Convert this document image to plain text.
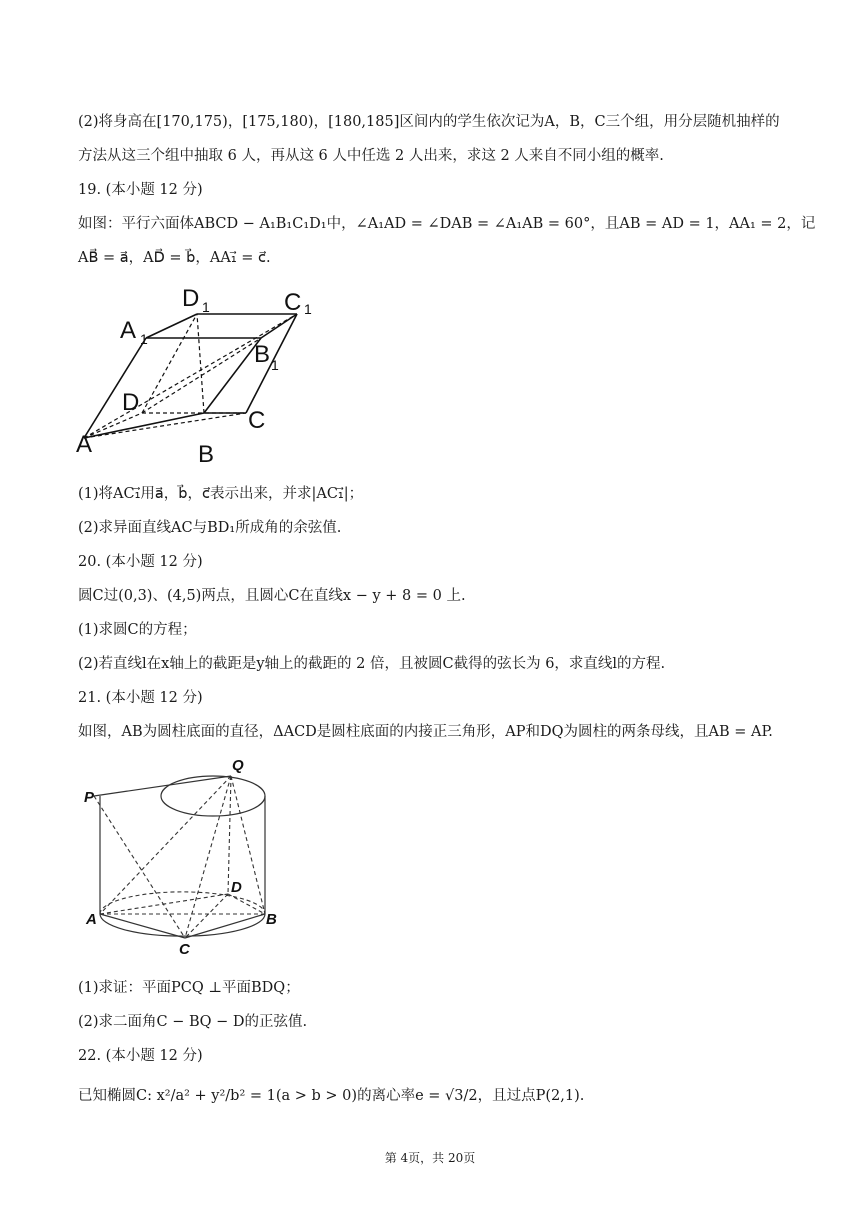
(2)将身高在[170,175)，[175,180)，[180,185]区间内的学生依次记为A，B，C三个组，用分层随机抽样的
方法从这三个组中抽取 6 人，再从这 6 人中任选 2 人出来，求这 2 人来自不同小组的概率.
19. (本小题 12 分)
如图：平行六面体ABCD − A₁B₁C₁D₁中，∠A₁AD = ∠DAB = ∠A₁AB = 60°，且AB = AD = 1，AA₁ = 2，记
AB⃗ = a⃗，AD⃗ = b⃗，AA₁⃗ = c⃗.
A	B
C
D
A 1
B 1
C 1
D 1
(1)将AC₁⃗用a⃗，b⃗，c⃗表示出来，并求|AC₁⃗|；
(2)求异面直线AC与BD₁所成角的余弦值.
20. (本小题 12 分)
圆C过(0,3)、(4,5)两点，且圆心C在直线x − y + 8 = 0 上.
(1)求圆C的方程；
(2)若直线l在x轴上的截距是y轴上的截距的 2 倍，且被圆C截得的弦长为 6，求直线l的方程.
21. (本小题 12 分)
如图，AB为圆柱底面的直径，ΔACD是圆柱底面的内接正三角形，AP和DQ为圆柱的两条母线，且AB = AP.
P
Q
A	B
C
D
(1)求证：平面PCQ ⊥平面BDQ；
(2)求二面角C − BQ − D的正弦值.
22. (本小题 12 分)
已知椭圆C: x²/a² + y²/b² = 1(a > b > 0)的离心率e = √3/2，且过点P(2,1).
第 4页，共 20页
